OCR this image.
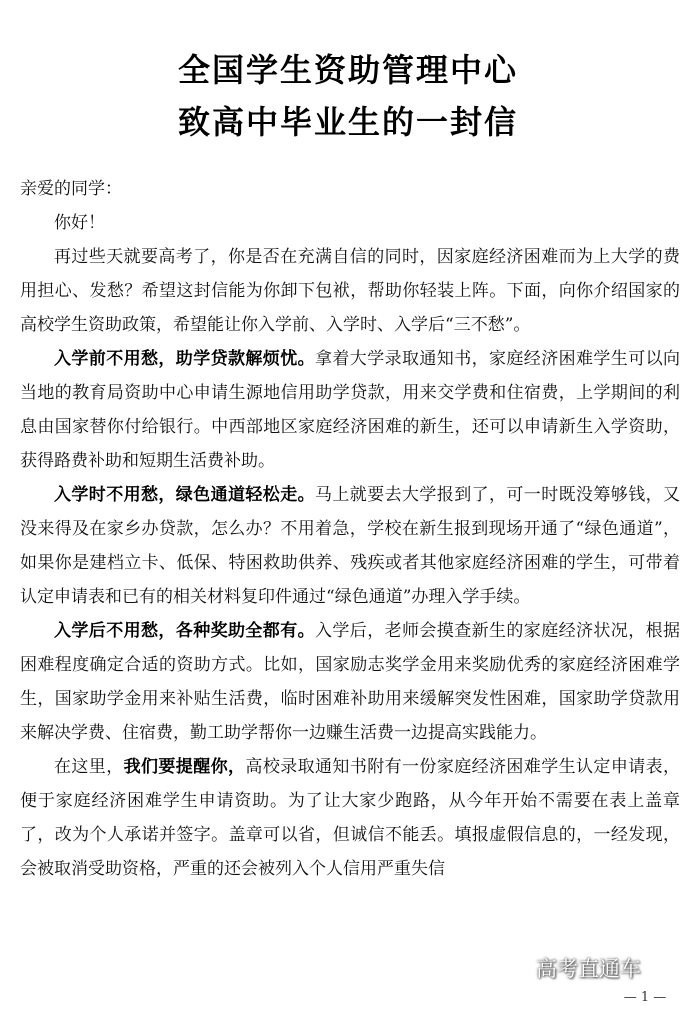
全国学生资助管理中心
致高中毕业生的一封信

亲爱的同学：

你好！

再过些天就要高考了，你是否在充满自信的同时，因家庭经济困难而为上大学的费用担心、发愁？希望这封信能为你卸下包袱，帮助你轻装上阵。下面，向你介绍国家的高校学生资助政策，希望能让你入学前、入学时、入学后“三不愁”。

入学前不用愁，助学贷款解烦忧。拿着大学录取通知书，家庭经济困难学生可以向当地的教育局资助中心申请生源地信用助学贷款，用来交学费和住宿费，上学期间的利息由国家替你付给银行。中西部地区家庭经济困难的新生，还可以申请新生入学资助，获得路费补助和短期生活费补助。

入学时不用愁，绿色通道轻松走。马上就要去大学报到了，可一时既没筹够钱，又没来得及在家乡办贷款，怎么办？不用着急，学校在新生报到现场开通了“绿色通道”，如果你是建档立卡、低保、特困救助供养、残疾或者其他家庭经济困难的学生，可带着认定申请表和已有的相关材料复印件通过“绿色通道”办理入学手续。

入学后不用愁，各种奖助全都有。入学后，老师会摸查新生的家庭经济状况，根据困难程度确定合适的资助方式。比如，国家励志奖学金用来奖励优秀的家庭经济困难学生，国家助学金用来补贴生活费，临时困难补助用来缓解突发性困难，国家助学贷款用来解决学费、住宿费，勤工助学帮你一边赚生活费一边提高实践能力。

在这里，我们要提醒你，高校录取通知书附有一份家庭经济困难学生认定申请表，便于家庭经济困难学生申请资助。为了让大家少跑路，从今年开始不需要在表上盖章了，改为个人承诺并签字。盖章可以省，但诚信不能丢。填报虚假信息的，一经发现，会被取消受助资格，严重的还会被列入个人信用严重失信

高考直通车
— 1 —
